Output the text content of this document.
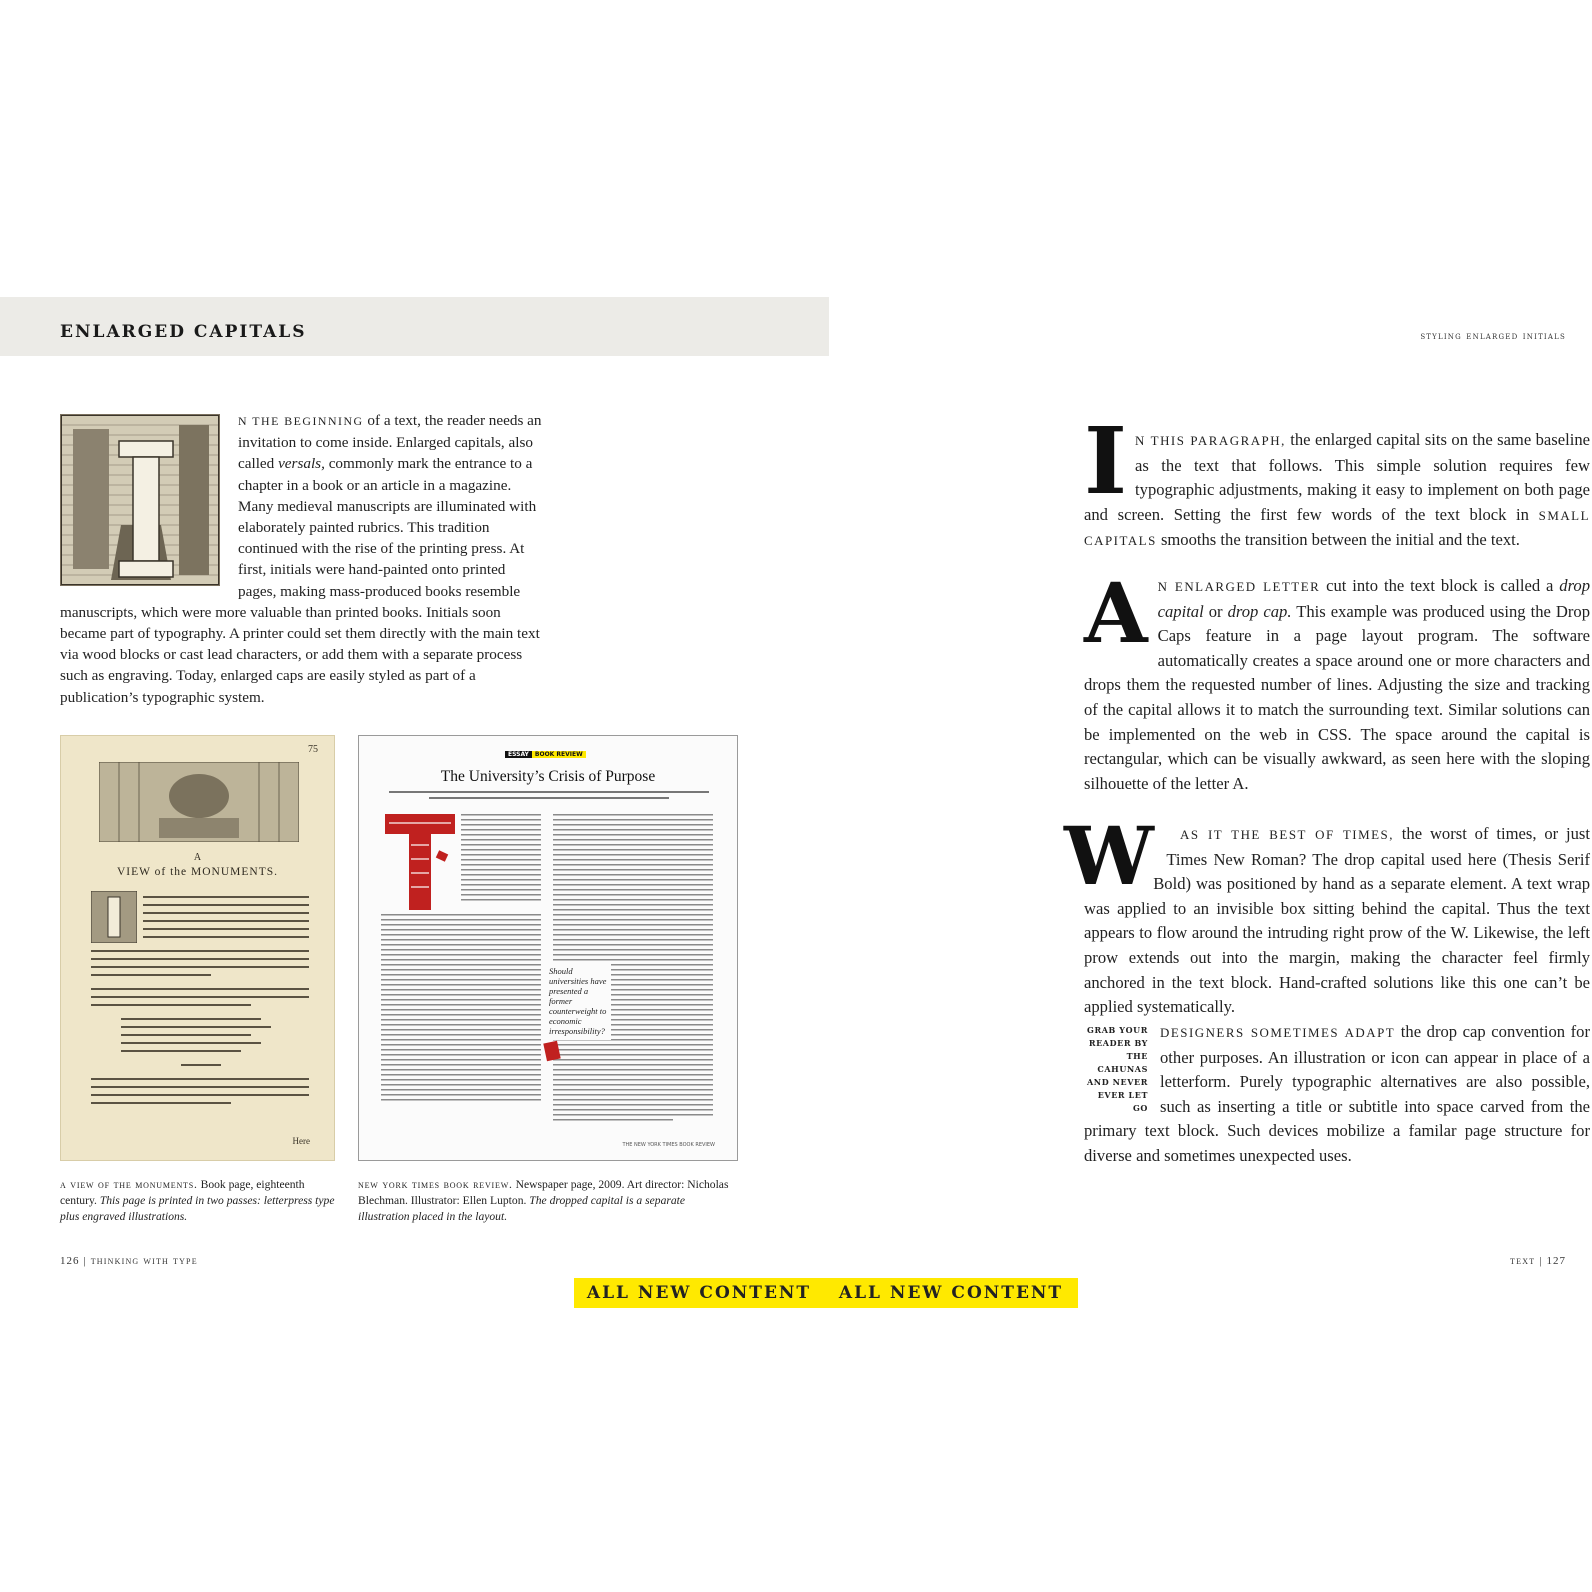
ENLARGED CAPITALS
N THE BEGINNING of a text, the reader needs an invitation to come inside. Enlarged capitals, also called versals, commonly mark the entrance to a chapter in a book or an article in a magazine. Many medieval manuscripts are illuminated with elaborately painted rubrics. This tradition continued with the rise of the printing press. At first, initials were hand-painted onto printed pages, making mass-produced books resemble manuscripts, which were more valuable than printed books. Initials soon became part of typography. A printer could set them directly with the main text via wood blocks or cast lead characters, or add them with a separate process such as engraving. Today, enlarged caps are easily styled as part of a publication’s typographic system.
75
A
VIEW of the MONUMENTS.
Here
ESSAY BOOK REVIEW
The University’s Crisis of Purpose
Should universities have presented a former counterweight to economic irresponsibility?
THE NEW YORK TIMES BOOK REVIEW
a view of the monuments. Book page, eighteenth century. This page is printed in two passes: letterpress type plus engraved illustrations.
new york times book review. Newspaper page, 2009. Art director: Nicholas Blechman. Illustrator: Ellen Lupton. The dropped capital is a separate illustration placed in the layout.
126 | thinking with type
styling enlarged initials
IN THIS PARAGRAPH, the enlarged capital sits on the same baseline as the text that follows. This simple solution requires few typographic adjustments, making it easy to implement on both page and screen. Setting the first few words of the text block in SMALL CAPITALS smooths the transition between the initial and the text.
AN ENLARGED LETTER cut into the text block is called a drop capital or drop cap. This example was produced using the Drop Caps feature in a page layout program. The software automatically creates a space around one or more characters and drops them the requested number of lines. Adjusting the size and tracking of the capital allows it to match the surrounding text. Similar solutions can be implemented on the web in CSS. The space around the capital is rectangular, which can be visually awkward, as seen here with the sloping silhouette of the letter A.
W AS IT THE BEST OF TIMES, the worst of times, or just Times New Roman? The drop capital used here (Thesis Serif Bold) was positioned by hand as a separate element. A text wrap was applied to an invisible box sitting behind the capital. Thus the text appears to flow around the intruding right prow of the W. Likewise, the left prow extends out into the margin, making the character feel firmly anchored in the text block. Hand-crafted solutions like this one can’t be applied systematically.
GRAB YOUR READER BY THE CAHUNAS AND NEVER EVER LET GO
DESIGNERS SOMETIMES ADAPT the drop cap convention for other purposes. An illustration or icon can appear in place of a letterform. Purely typographic alternatives are also possible, such as inserting a title or subtitle into space carved from the primary text block. Such devices mobilize a familar page structure for diverse and sometimes unexpected uses.
text | 127
ALL NEW CONTENT	ALL NEW CONTENT
